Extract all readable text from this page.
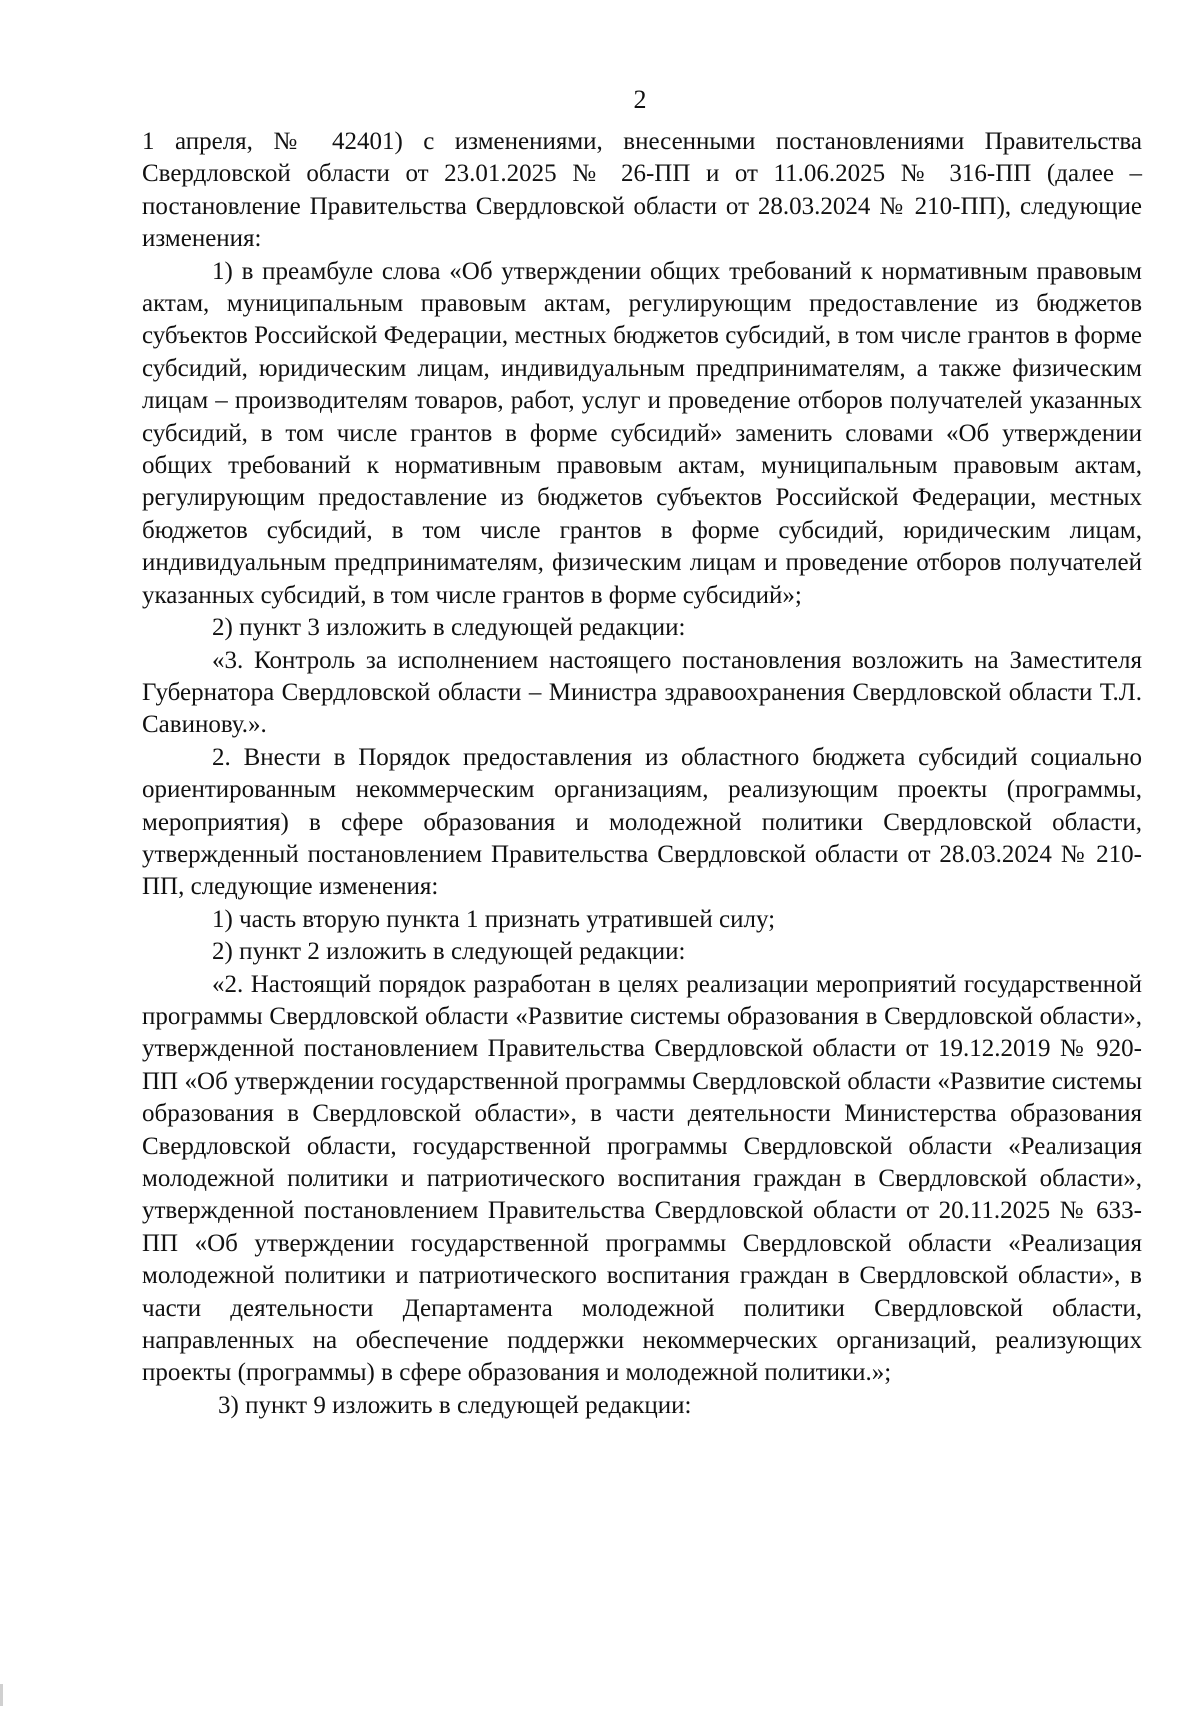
2

1 апреля, № 42401) с изменениями, внесенными постановлениями Правительства Свердловской области от 23.01.2025 № 26-ПП и от 11.06.2025 № 316-ПП (далее – постановление Правительства Свердловской области от 28.03.2024 № 210-ПП), следующие изменения:

1) в преамбуле слова «Об утверждении общих требований к нормативным правовым актам, муниципальным правовым актам, регулирующим предоставление из бюджетов субъектов Российской Федерации, местных бюджетов субсидий, в том числе грантов в форме субсидий, юридическим лицам, индивидуальным предпринимателям, а также физическим лицам – производителям товаров, работ, услуг и проведение отборов получателей указанных субсидий, в том числе грантов в форме субсидий» заменить словами «Об утверждении общих требований к нормативным правовым актам, муниципальным правовым актам, регулирующим предоставление из бюджетов субъектов Российской Федерации, местных бюджетов субсидий, в том числе грантов в форме субсидий, юридическим лицам, индивидуальным предпринимателям, физическим лицам и проведение отборов получателей указанных субсидий, в том числе грантов в форме субсидий»;

2) пункт 3 изложить в следующей редакции:

«3. Контроль за исполнением настоящего постановления возложить на Заместителя Губернатора Свердловской области – Министра здравоохранения Свердловской области Т.Л. Савинову.».

2. Внести в Порядок предоставления из областного бюджета субсидий социально ориентированным некоммерческим организациям, реализующим проекты (программы, мероприятия) в сфере образования и молодежной политики Свердловской области, утвержденный постановлением Правительства Свердловской области от 28.03.2024 № 210-ПП, следующие изменения:

1) часть вторую пункта 1 признать утратившей силу;

2) пункт 2 изложить в следующей редакции:

«2. Настоящий порядок разработан в целях реализации мероприятий государственной программы Свердловской области «Развитие системы образования в Свердловской области», утвержденной постановлением Правительства Свердловской области от 19.12.2019 № 920-ПП «Об утверждении государственной программы Свердловской области «Развитие системы образования в Свердловской области», в части деятельности Министерства образования Свердловской области, государственной программы Свердловской области «Реализация молодежной политики и патриотического воспитания граждан в Свердловской области», утвержденной постановлением Правительства Свердловской области от 20.11.2025 № 633-ПП «Об утверждении государственной программы Свердловской области «Реализация молодежной политики и патриотического воспитания граждан в Свердловской области», в части деятельности Департамента молодежной политики Свердловской области, направленных на обеспечение поддержки некоммерческих организаций, реализующих проекты (программы) в сфере образования и молодежной политики.»;

3) пункт 9 изложить в следующей редакции:
